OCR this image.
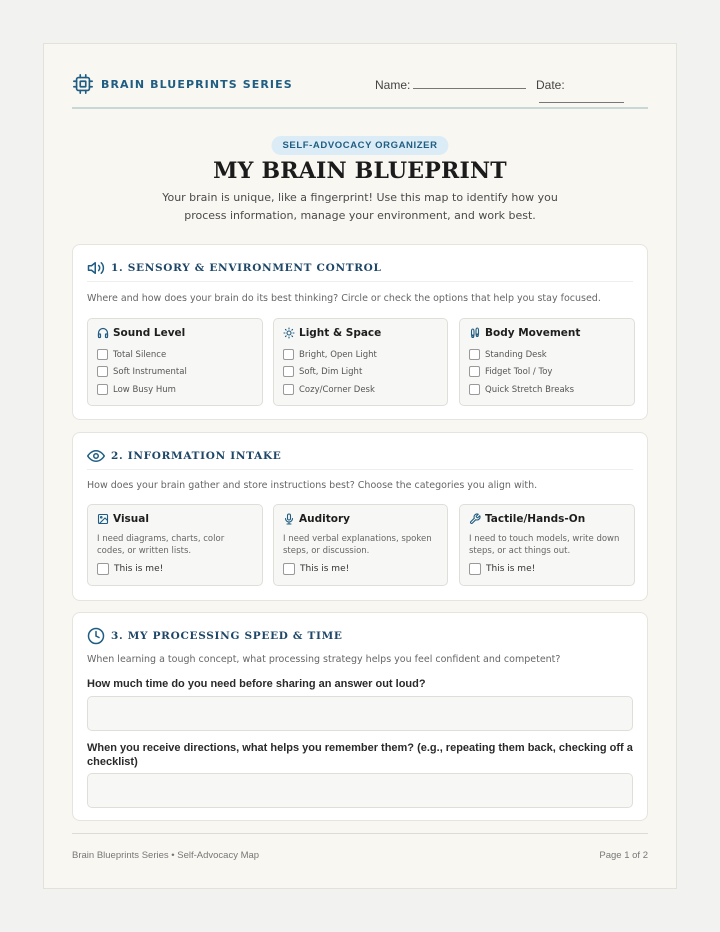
BRAIN BLUEPRINTS SERIES	Name:	Date:
SELF-ADVOCACY ORGANIZER
MY BRAIN BLUEPRINT
Your brain is unique, like a fingerprint! Use this map to identify how you process information, manage your environment, and work best.
1. SENSORY & ENVIRONMENT CONTROL
Where and how does your brain do its best thinking? Circle or check the options that help you stay focused.
Sound Level
Total Silence
Soft Instrumental
Low Busy Hum
Light & Space
Bright, Open Light
Soft, Dim Light
Cozy/Corner Desk
Body Movement
Standing Desk
Fidget Tool / Toy
Quick Stretch Breaks
2. INFORMATION INTAKE
How does your brain gather and store instructions best? Choose the categories you align with.
Visual
I need diagrams, charts, color codes, or written lists.
This is me!
Auditory
I need verbal explanations, spoken steps, or discussion.
This is me!
Tactile/Hands-On
I need to touch models, write down steps, or act things out.
This is me!
3. MY PROCESSING SPEED & TIME
When learning a tough concept, what processing strategy helps you feel confident and competent?
How much time do you need before sharing an answer out loud?
When you receive directions, what helps you remember them? (e.g., repeating them back, checking off a checklist)
Brain Blueprints Series • Self-Advocacy Map	Page 1 of 2
